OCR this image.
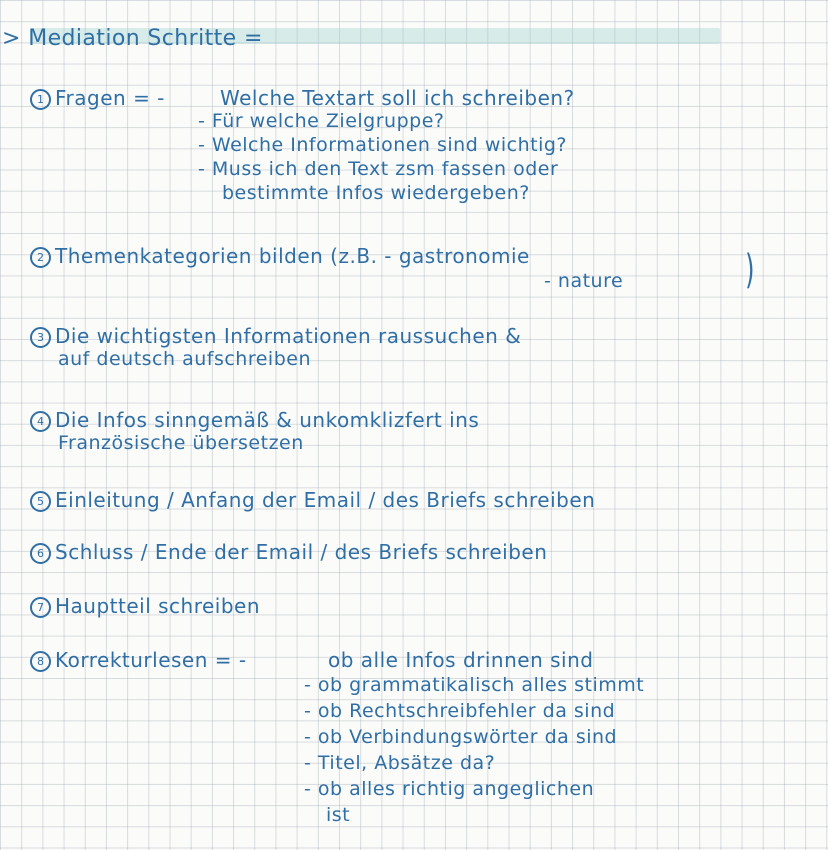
> Mediation Schritte =
1 Fragen = -	Welche Textart soll ich schreiben?
- Für welche Zielgruppe?
- Welche Informationen sind wichtig?
- Muss ich den Text zsm fassen oder
bestimmte Infos wiedergeben?
2 Themenkategorien bilden (z.B. - gastronomie
- nature	)
3 Die wichtigsten Informationen raussuchen &
auf deutsch aufschreiben
4 Die Infos sinngemäß & unkomklizfert ins
Französische übersetzen
5 Einleitung / Anfang der Email / des Briefs schreiben
6 Schluss / Ende der Email / des Briefs schreiben
7 Hauptteil schreiben
8 Korrekturlesen = -	ob alle Infos drinnen sind
- ob grammatikalisch alles stimmt
- ob Rechtschreibfehler da sind
- ob Verbindungswörter da sind
- Titel, Absätze da?
- ob alles richtig angeglichen
ist
